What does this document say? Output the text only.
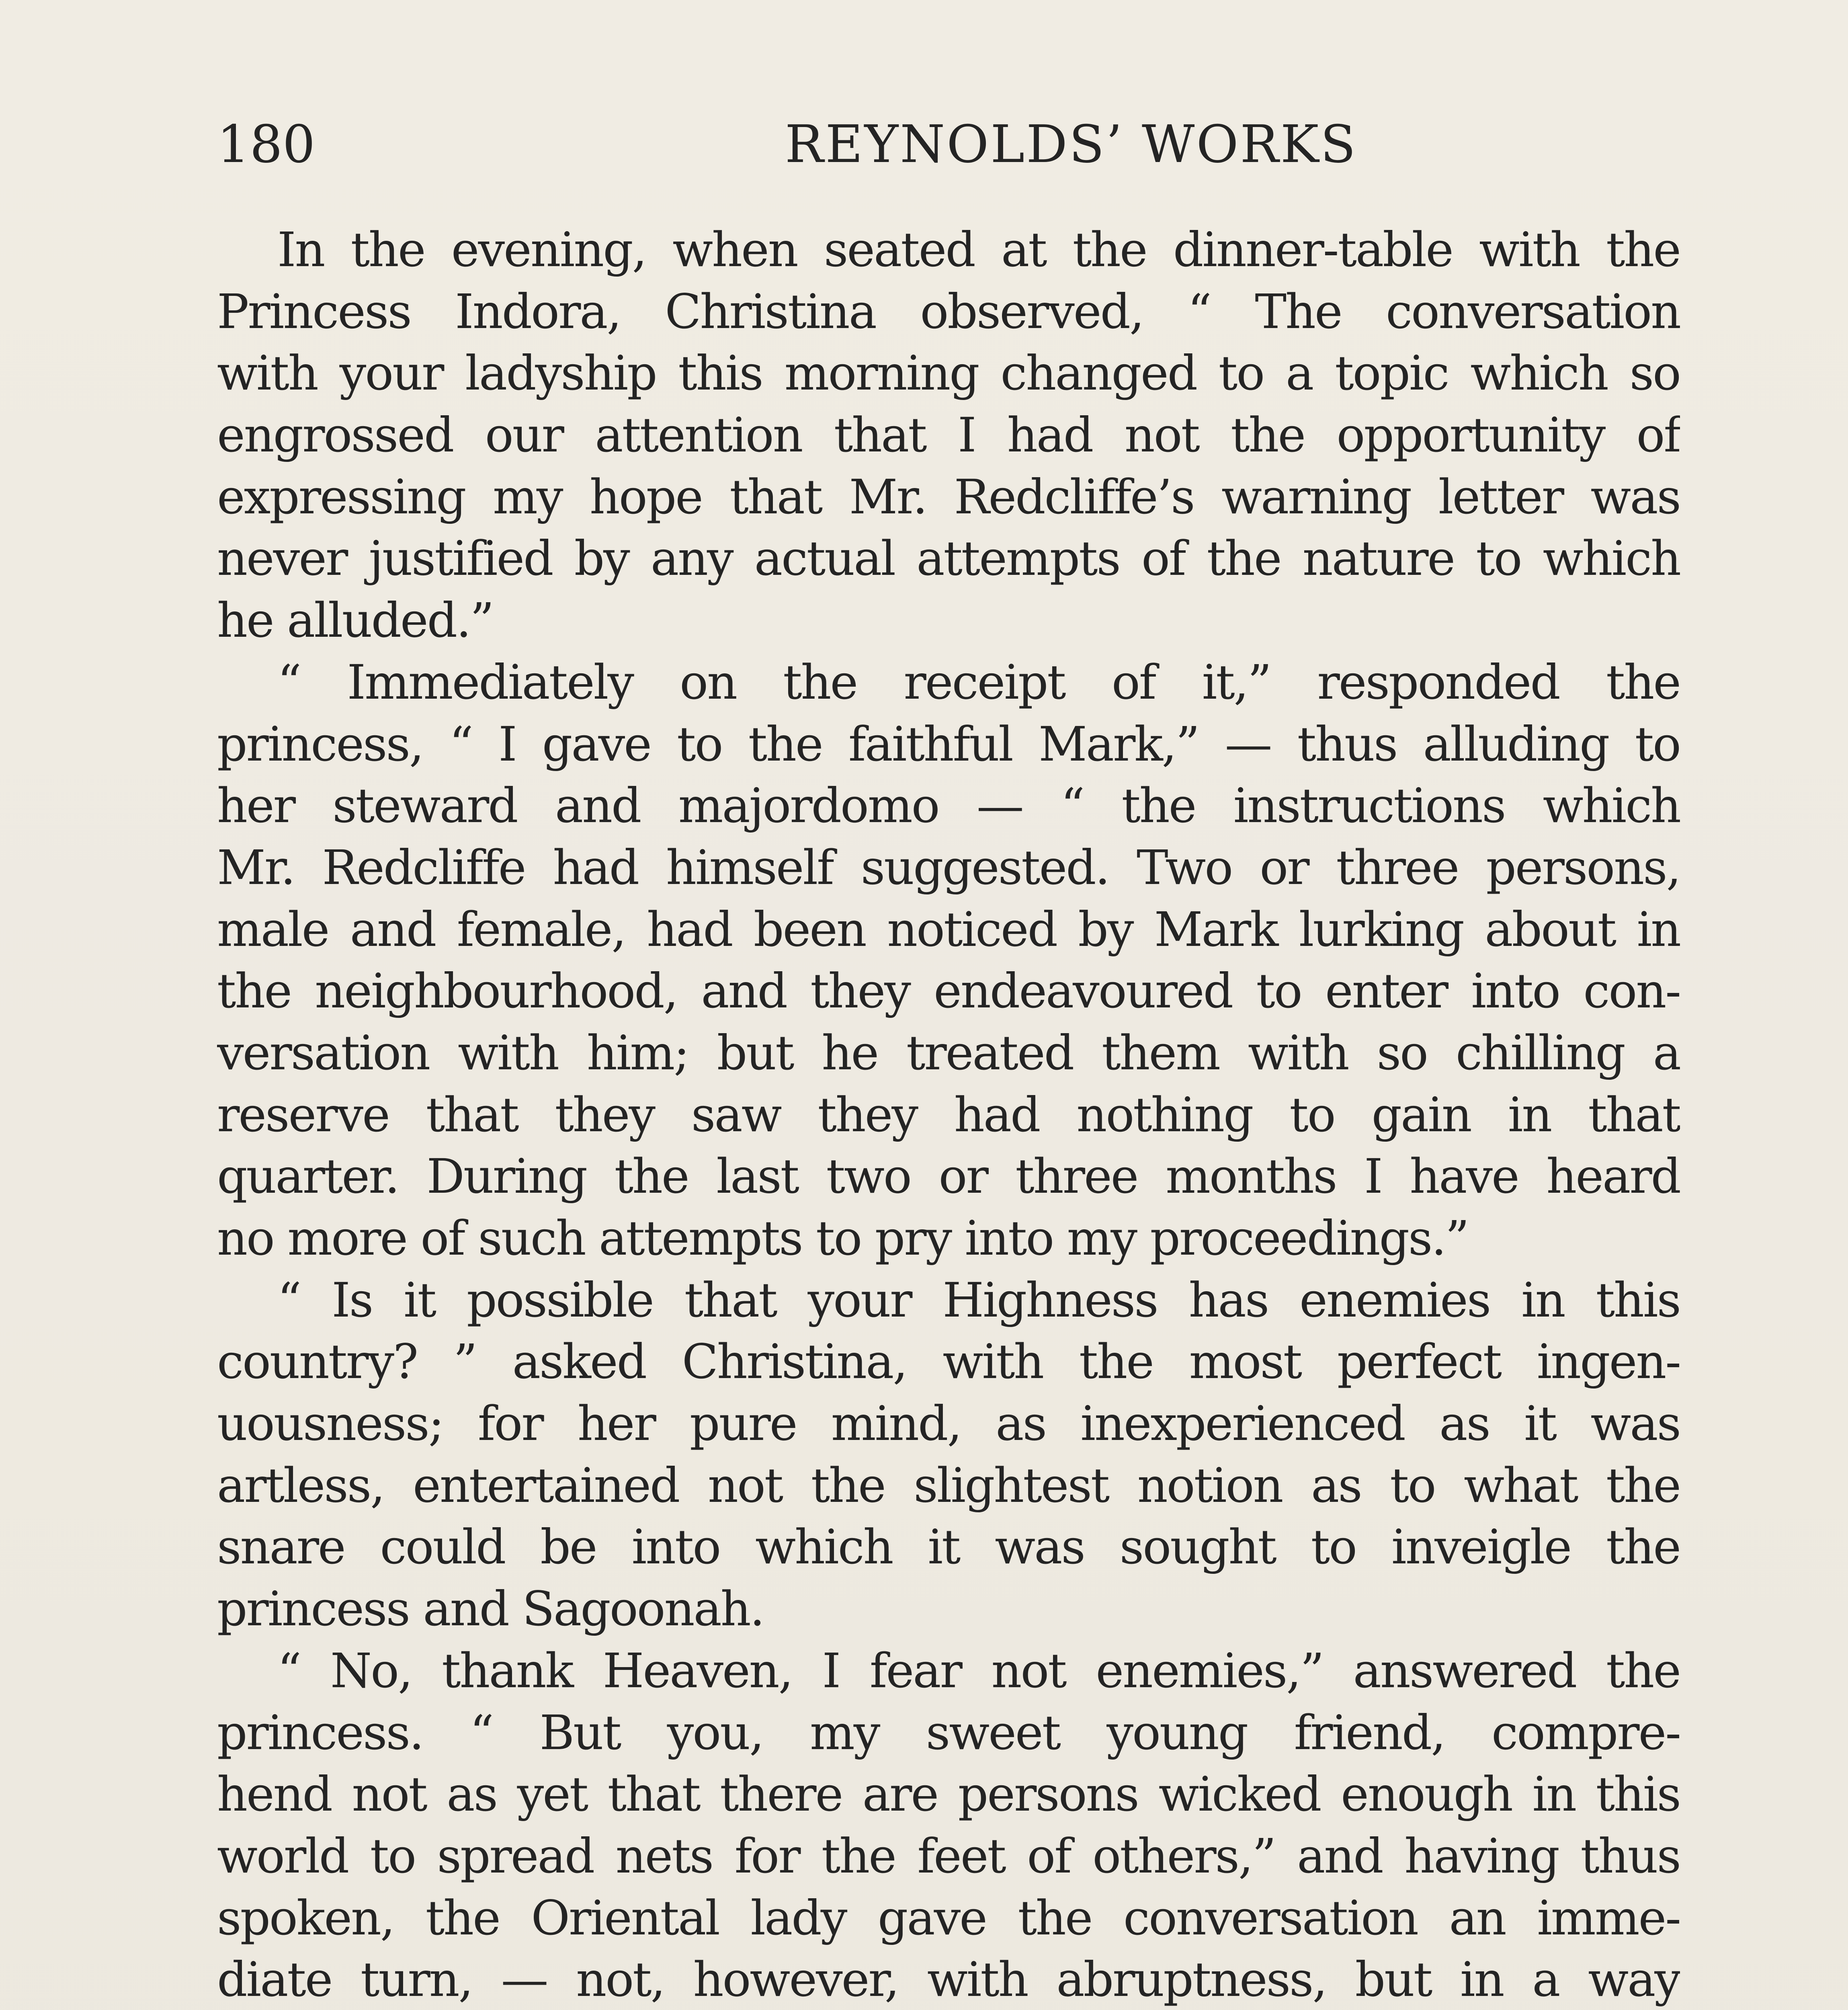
180	REYNOLDS’ WORKS
In the evening, when seated at the dinner-table with the
Princess Indora, Christina observed, “ The conversation
with your ladyship this morning changed to a topic which so
engrossed our attention that I had not the opportunity of
expressing my hope that Mr. Redcliffe’s warning letter was
never justified by any actual attempts of the nature to which
he alluded.”
“ Immediately on the receipt of it,” responded the
princess, “ I gave to the faithful Mark,” — thus alluding to
her steward and majordomo — “ the instructions which
Mr. Redcliffe had himself suggested. Two or three persons,
male and female, had been noticed by Mark lurking about in
the neighbourhood, and they endeavoured to enter into con-
versation with him; but he treated them with so chilling a
reserve that they saw they had nothing to gain in that
quarter. During the last two or three months I have heard
no more of such attempts to pry into my proceedings.”
“ Is it possible that your Highness has enemies in this
country? ” asked Christina, with the most perfect ingen-
uousness; for her pure mind, as inexperienced as it was
artless, entertained not the slightest notion as to what the
snare could be into which it was sought to inveigle the
princess and Sagoonah.
“ No, thank Heaven, I fear not enemies,” answered the
princess. “ But you, my sweet young friend, compre-
hend not as yet that there are persons wicked enough in this
world to spread nets for the feet of others,” and having thus
spoken, the Oriental lady gave the conversation an imme-
diate turn, — not, however, with abruptness, but in a way
